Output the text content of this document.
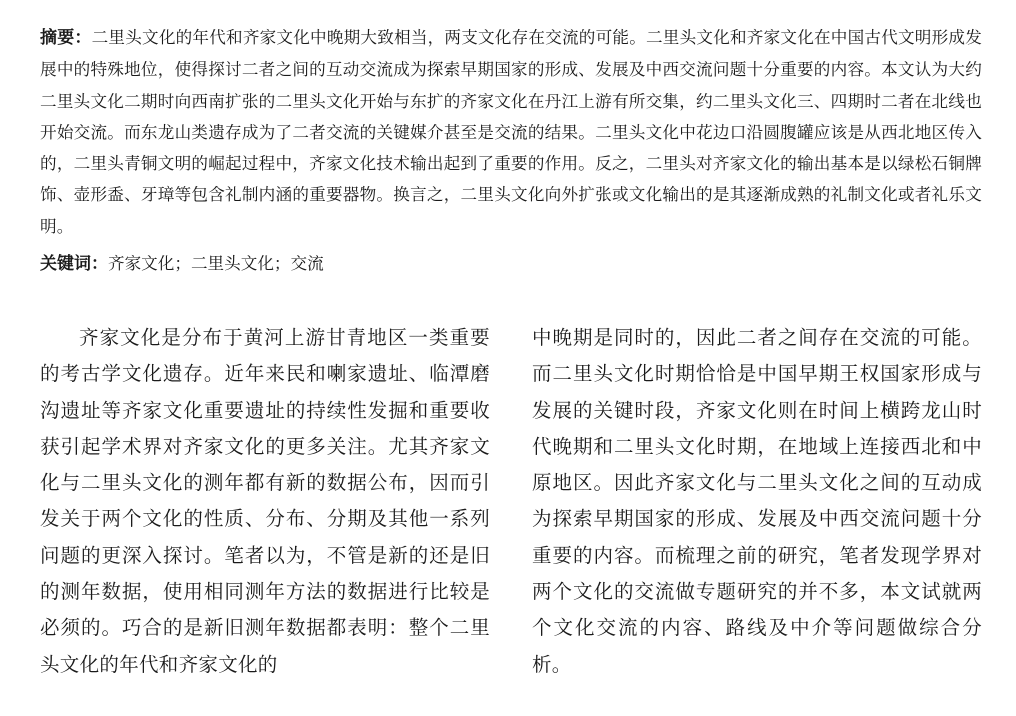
摘要：二里头文化的年代和齐家文化中晚期大致相当，两支文化存在交流的可能。二里头文化和齐家文化在中国古代文明形成发展中的特殊地位，使得探讨二者之间的互动交流成为探索早期国家的形成、发展及中西交流问题十分重要的内容。本文认为大约二里头文化二期时向西南扩张的二里头文化开始与东扩的齐家文化在丹江上游有所交集，约二里头文化三、四期时二者在北线也开始交流。而东龙山类遗存成为了二者交流的关键媒介甚至是交流的结果。二里头文化中花边口沿圆腹罐应该是从西北地区传入的，二里头青铜文明的崛起过程中，齐家文化技术输出起到了重要的作用。反之，二里头对齐家文化的输出基本是以绿松石铜牌饰、壶形盉、牙璋等包含礼制内涵的重要器物。换言之，二里头文化向外扩张或文化输出的是其逐渐成熟的礼制文化或者礼乐文明。
关键词：齐家文化；二里头文化；交流

齐家文化是分布于黄河上游甘青地区一类重要的考古学文化遗存。近年来民和喇家遗址、临潭磨沟遗址等齐家文化重要遗址的持续性发掘和重要收获引起学术界对齐家文化的更多关注。尤其齐家文化与二里头文化的测年都有新的数据公布，因而引发关于两个文化的性质、分布、分期及其他一系列问题的更深入探讨。笔者以为，不管是新的还是旧的测年数据，使用相同测年方法的数据进行比较是必须的。巧合的是新旧测年数据都表明：整个二里头文化的年代和齐家文化的

中晚期是同时的，因此二者之间存在交流的可能。而二里头文化时期恰恰是中国早期王权国家形成与发展的关键时段，齐家文化则在时间上横跨龙山时代晚期和二里头文化时期，在地域上连接西北和中原地区。因此齐家文化与二里头文化之间的互动成为探索早期国家的形成、发展及中西交流问题十分重要的内容。而梳理之前的研究，笔者发现学界对两个文化的交流做专题研究的并不多，本文试就两个文化交流的内容、路线及中介等问题做综合分析。
